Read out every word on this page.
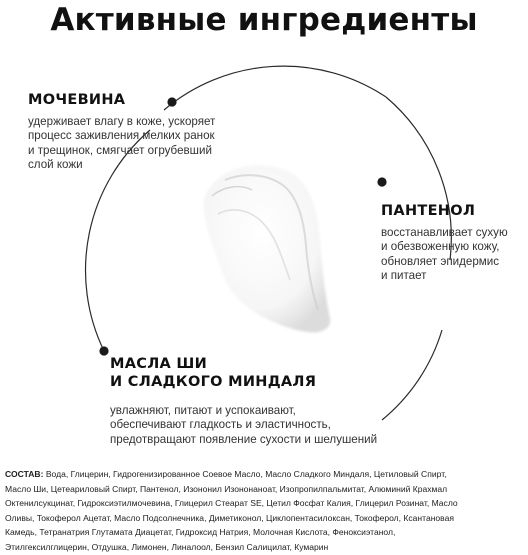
Активные ингредиенты
МОЧЕВИНА
удерживает влагу в коже, ускоряет
процесс заживления мелких ранок
и трещинок, смягчает огрубевший
слой кожи
ПАНТЕНОЛ
восстанавливает сухую
и обезвоженную кожу,
обновляет эпидермис
и питает
МАСЛА ШИ
И СЛАДКОГО МИНДАЛЯ
увлажняют, питают и успокаивают,
обеспечивают гладкость и эластичность,
предотвращают появление сухости и шелушений
СОСТАВ: Вода, Глицерин, Гидрогенизированное Соевое Масло, Масло Сладкого Миндаля, Цетиловый Спирт,
Масло Ши, Цетеариловый Спирт, Пантенол, Изононил Изононаноат, Изопропилпальмитат, Алюминий Крахмал
Октенилсукцинат, Гидроксиэтилмочевина, Глицерил Стеарат SE, Цетил Фосфат Калия, Глицерил Розинат, Масло
Оливы, Токоферол Ацетат, Масло Подсолнечника, Диметиконол, Циклопентасилоксан, Токоферол, Ксантановая
Камедь, Тетранатрия Глутамата Диацетат, Гидроксид Натрия, Молочная Кислота, Феноксиэтанол,
Этилгексилглицерин, Отдушка, Лимонен, Линалоол, Бензил Салицилат, Кумарин
